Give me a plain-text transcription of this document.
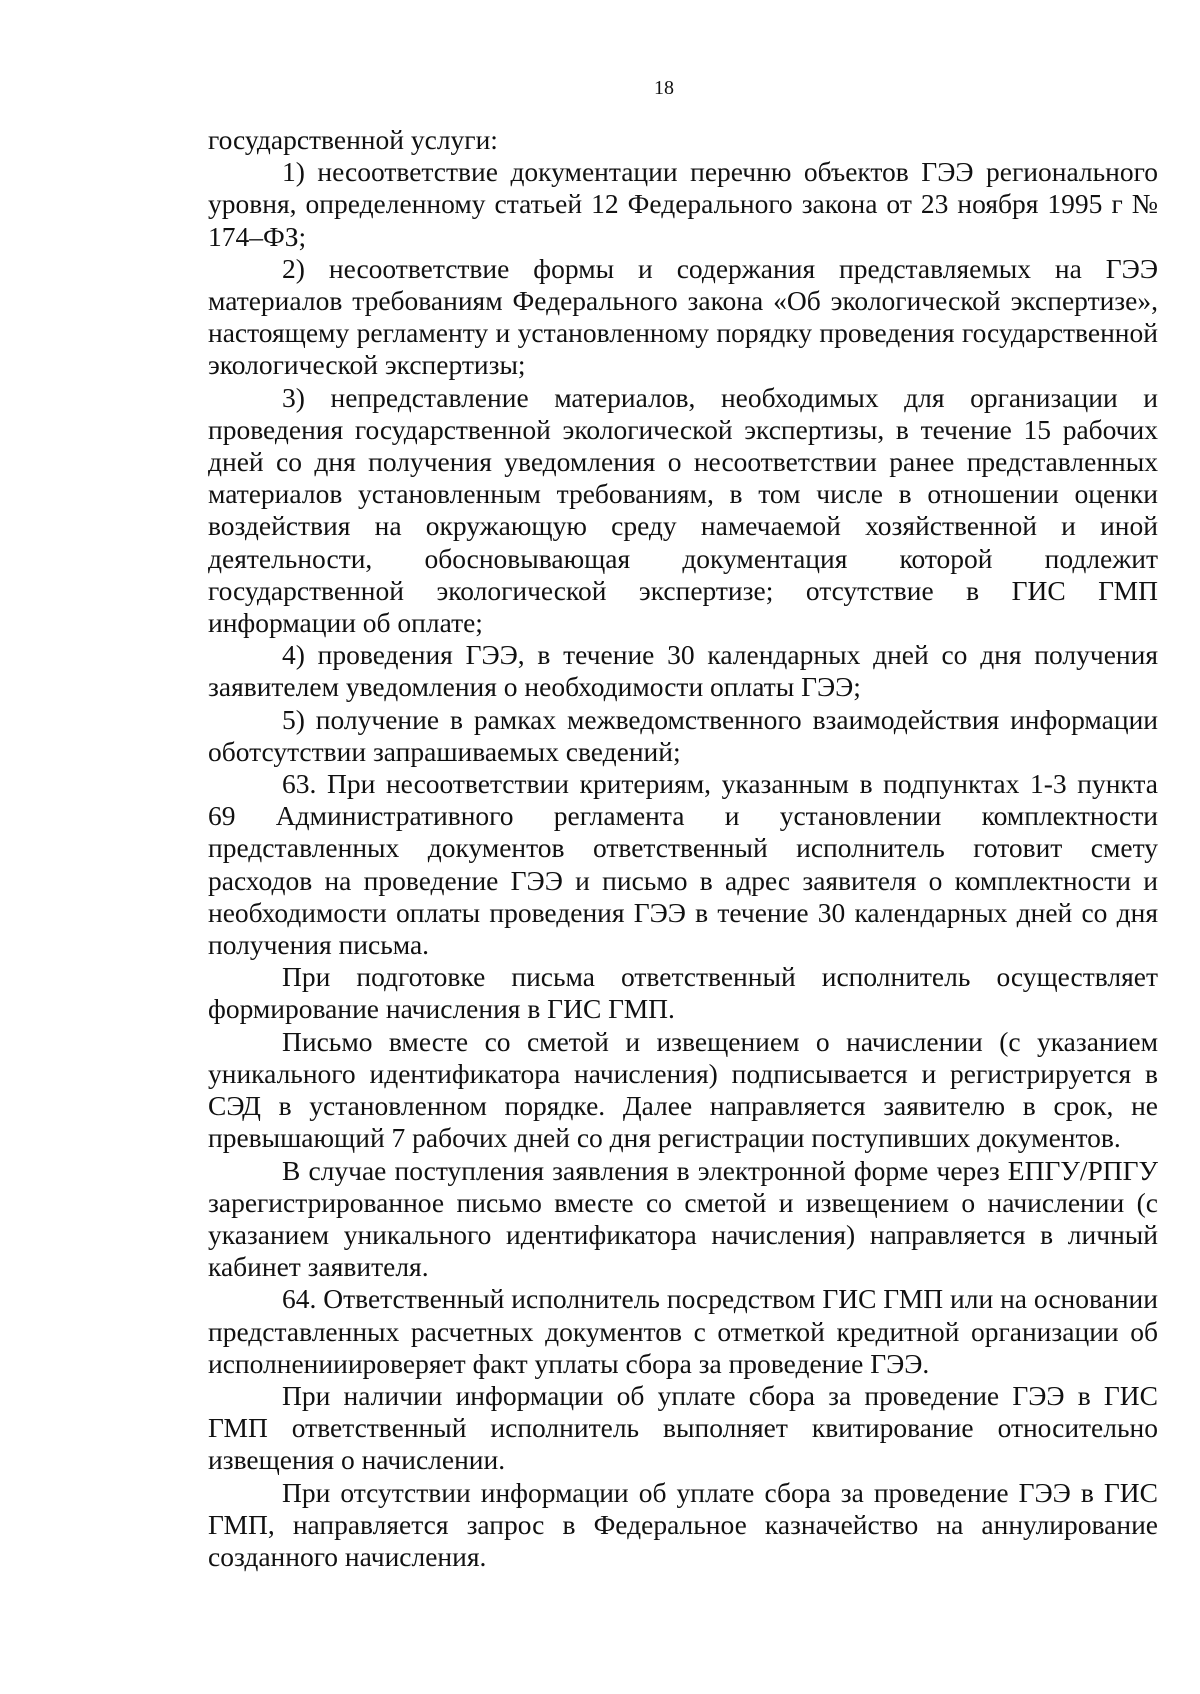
18

государственной услуги:

1) несоответствие документации перечню объектов ГЭЭ регионального уровня, определенному статьей 12 Федерального закона от 23 ноября 1995 г № 174–ФЗ;

2) несоответствие формы и содержания представляемых на ГЭЭ материалов требованиям Федерального закона «Об экологической экспертизе», настоящему регламенту и установленному порядку проведения государственной экологической экспертизы;

3) непредставление материалов, необходимых для организации и проведения государственной экологической экспертизы, в течение 15 рабочих дней со дня получения уведомления о несоответствии ранее представленных материалов установленным требованиям, в том числе в отношении оценки воздействия на окружающую среду намечаемой хозяйственной и иной деятельности, обосновывающая документация которой подлежит государственной экологической экспертизе; отсутствие в ГИС ГМП информации об оплате;

4) проведения ГЭЭ, в течение 30 календарных дней со дня получения заявителем уведомления о необходимости оплаты ГЭЭ;

5) получение в рамках межведомственного взаимодействия информации оботсутствии запрашиваемых сведений;

63. При несоответствии критериям, указанным в подпунктах 1-3 пункта 69 Административного регламента и установлении комплектности представленных документов ответственный исполнитель готовит смету расходов на проведение ГЭЭ и письмо в адрес заявителя о комплектности и необходимости оплаты проведения ГЭЭ в течение 30 календарных дней со дня получения письма.

При подготовке письма ответственный исполнитель осуществляет формирование начисления в ГИС ГМП.

Письмо вместе со сметой и извещением о начислении (с указанием уникального идентификатора начисления) подписывается и регистрируется в СЭД в установленном порядке. Далее направляется заявителю в срок, не превышающий 7 рабочих дней со дня регистрации поступивших документов.

В случае поступления заявления в электронной форме через ЕПГУ/РПГУ зарегистрированное письмо вместе со сметой и извещением о начислении (с указанием уникального идентификатора начисления) направляется в личный кабинет заявителя.

64. Ответственный исполнитель посредством ГИС ГМП или на основании представленных расчетных документов с отметкой кредитной организации об исполненииироверяет факт уплаты сбора за проведение ГЭЭ.

При наличии информации об уплате сбора за проведение ГЭЭ в ГИС ГМП ответственный исполнитель выполняет квитирование относительно извещения о начислении.

При отсутствии информации об уплате сбора за проведение ГЭЭ в ГИС ГМП, направляется запрос в Федеральное казначейство на аннулирование созданного начисления.
